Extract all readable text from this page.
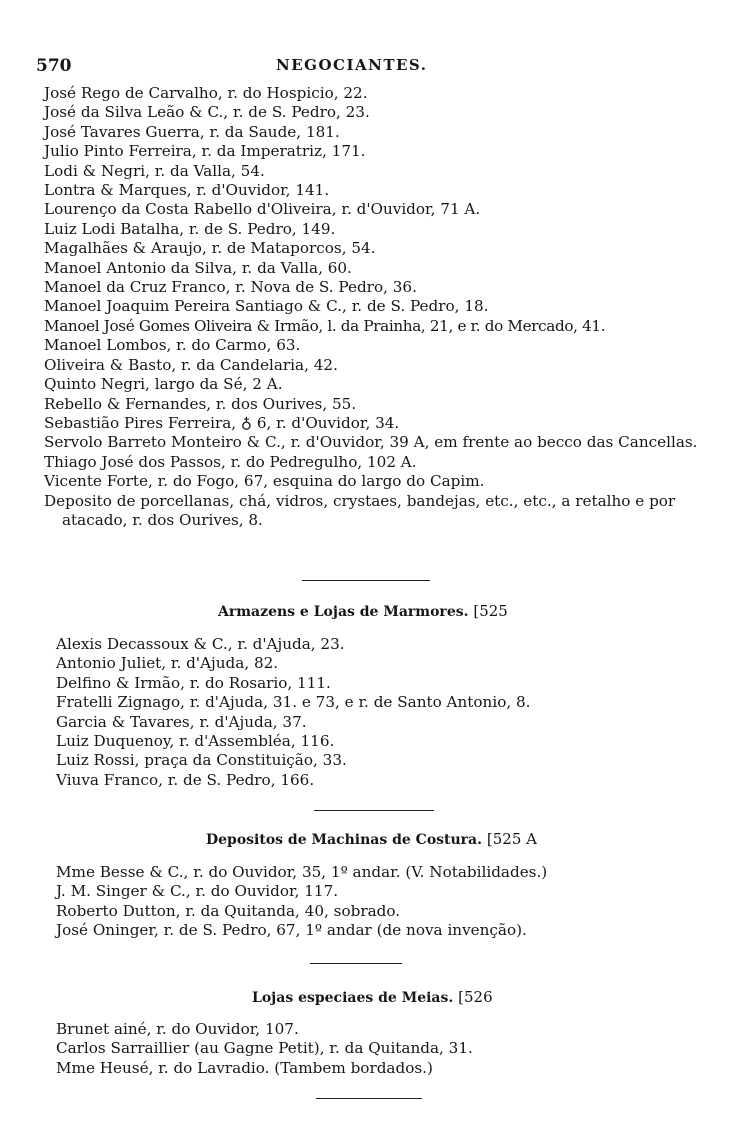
570	NEGOCIANTES.
José Rego de Carvalho, r. do Hospicio, 22.
José da Silva Leão & C., r. de S. Pedro, 23.
José Tavares Guerra, r. da Saude, 181.
Julio Pinto Ferreira, r. da Imperatriz, 171.
Lodi & Negri, r. da Valla, 54.
Lontra & Marques, r. d'Ouvidor, 141.
Lourenço da Costa Rabello d'Oliveira, r. d'Ouvidor, 71 A.
Luiz Lodi Batalha, r. de S. Pedro, 149.
Magalhães & Araujo, r. de Mataporcos, 54.
Manoel Antonio da Silva, r. da Valla, 60.
Manoel da Cruz Franco, r. Nova de S. Pedro, 36.
Manoel Joaquim Pereira Santiago & C., r. de S. Pedro, 18.
Manoel José Gomes Oliveira & Irmão, l. da Prainha, 21, e r. do Mercado, 41.
Manoel Lombos, r. do Carmo, 63.
Oliveira & Basto, r. da Candelaria, 42.
Quinto Negri, largo da Sé, 2 A.
Rebello & Fernandes, r. dos Ourives, 55.
Sebastião Pires Ferreira, ♁ 6, r. d'Ouvidor, 34.
Servolo Barreto Monteiro & C., r. d'Ouvidor, 39 A, em frente ao becco das Cancellas.
Thiago José dos Passos, r. do Pedregulho, 102 A.
Vicente Forte, r. do Fogo, 67, esquina do largo do Capim.
Deposito de porcellanas, chá, vidros, crystaes, bandejas, etc., etc., a retalho e por atacado, r. dos Ourives, 8.
Armazens e Lojas de Marmores. [525
Alexis Decassoux & C., r. d'Ajuda, 23.
Antonio Juliet, r. d'Ajuda, 82.
Delfino & Irmão, r. do Rosario, 111.
Fratelli Zignago, r. d'Ajuda, 31. e 73, e r. de Santo Antonio, 8.
Garcia & Tavares, r. d'Ajuda, 37.
Luiz Duquenoy, r. d'Assembléa, 116.
Luiz Rossi, praça da Constituição, 33.
Viuva Franco, r. de S. Pedro, 166.
Depositos de Machinas de Costura. [525 A
Mme Besse & C., r. do Ouvidor, 35, 1º andar. (V. Notabilidades.)
J. M. Singer & C., r. do Ouvidor, 117.
Roberto Dutton, r. da Quitanda, 40, sobrado.
José Oninger, r. de S. Pedro, 67, 1º andar (de nova invenção).
Lojas especiaes de Meias. [526
Brunet ainé, r. do Ouvidor, 107.
Carlos Sarraillier (au Gagne Petit), r. da Quitanda, 31.
Mme Heusé, r. do Lavradio. (Tambem bordados.)
